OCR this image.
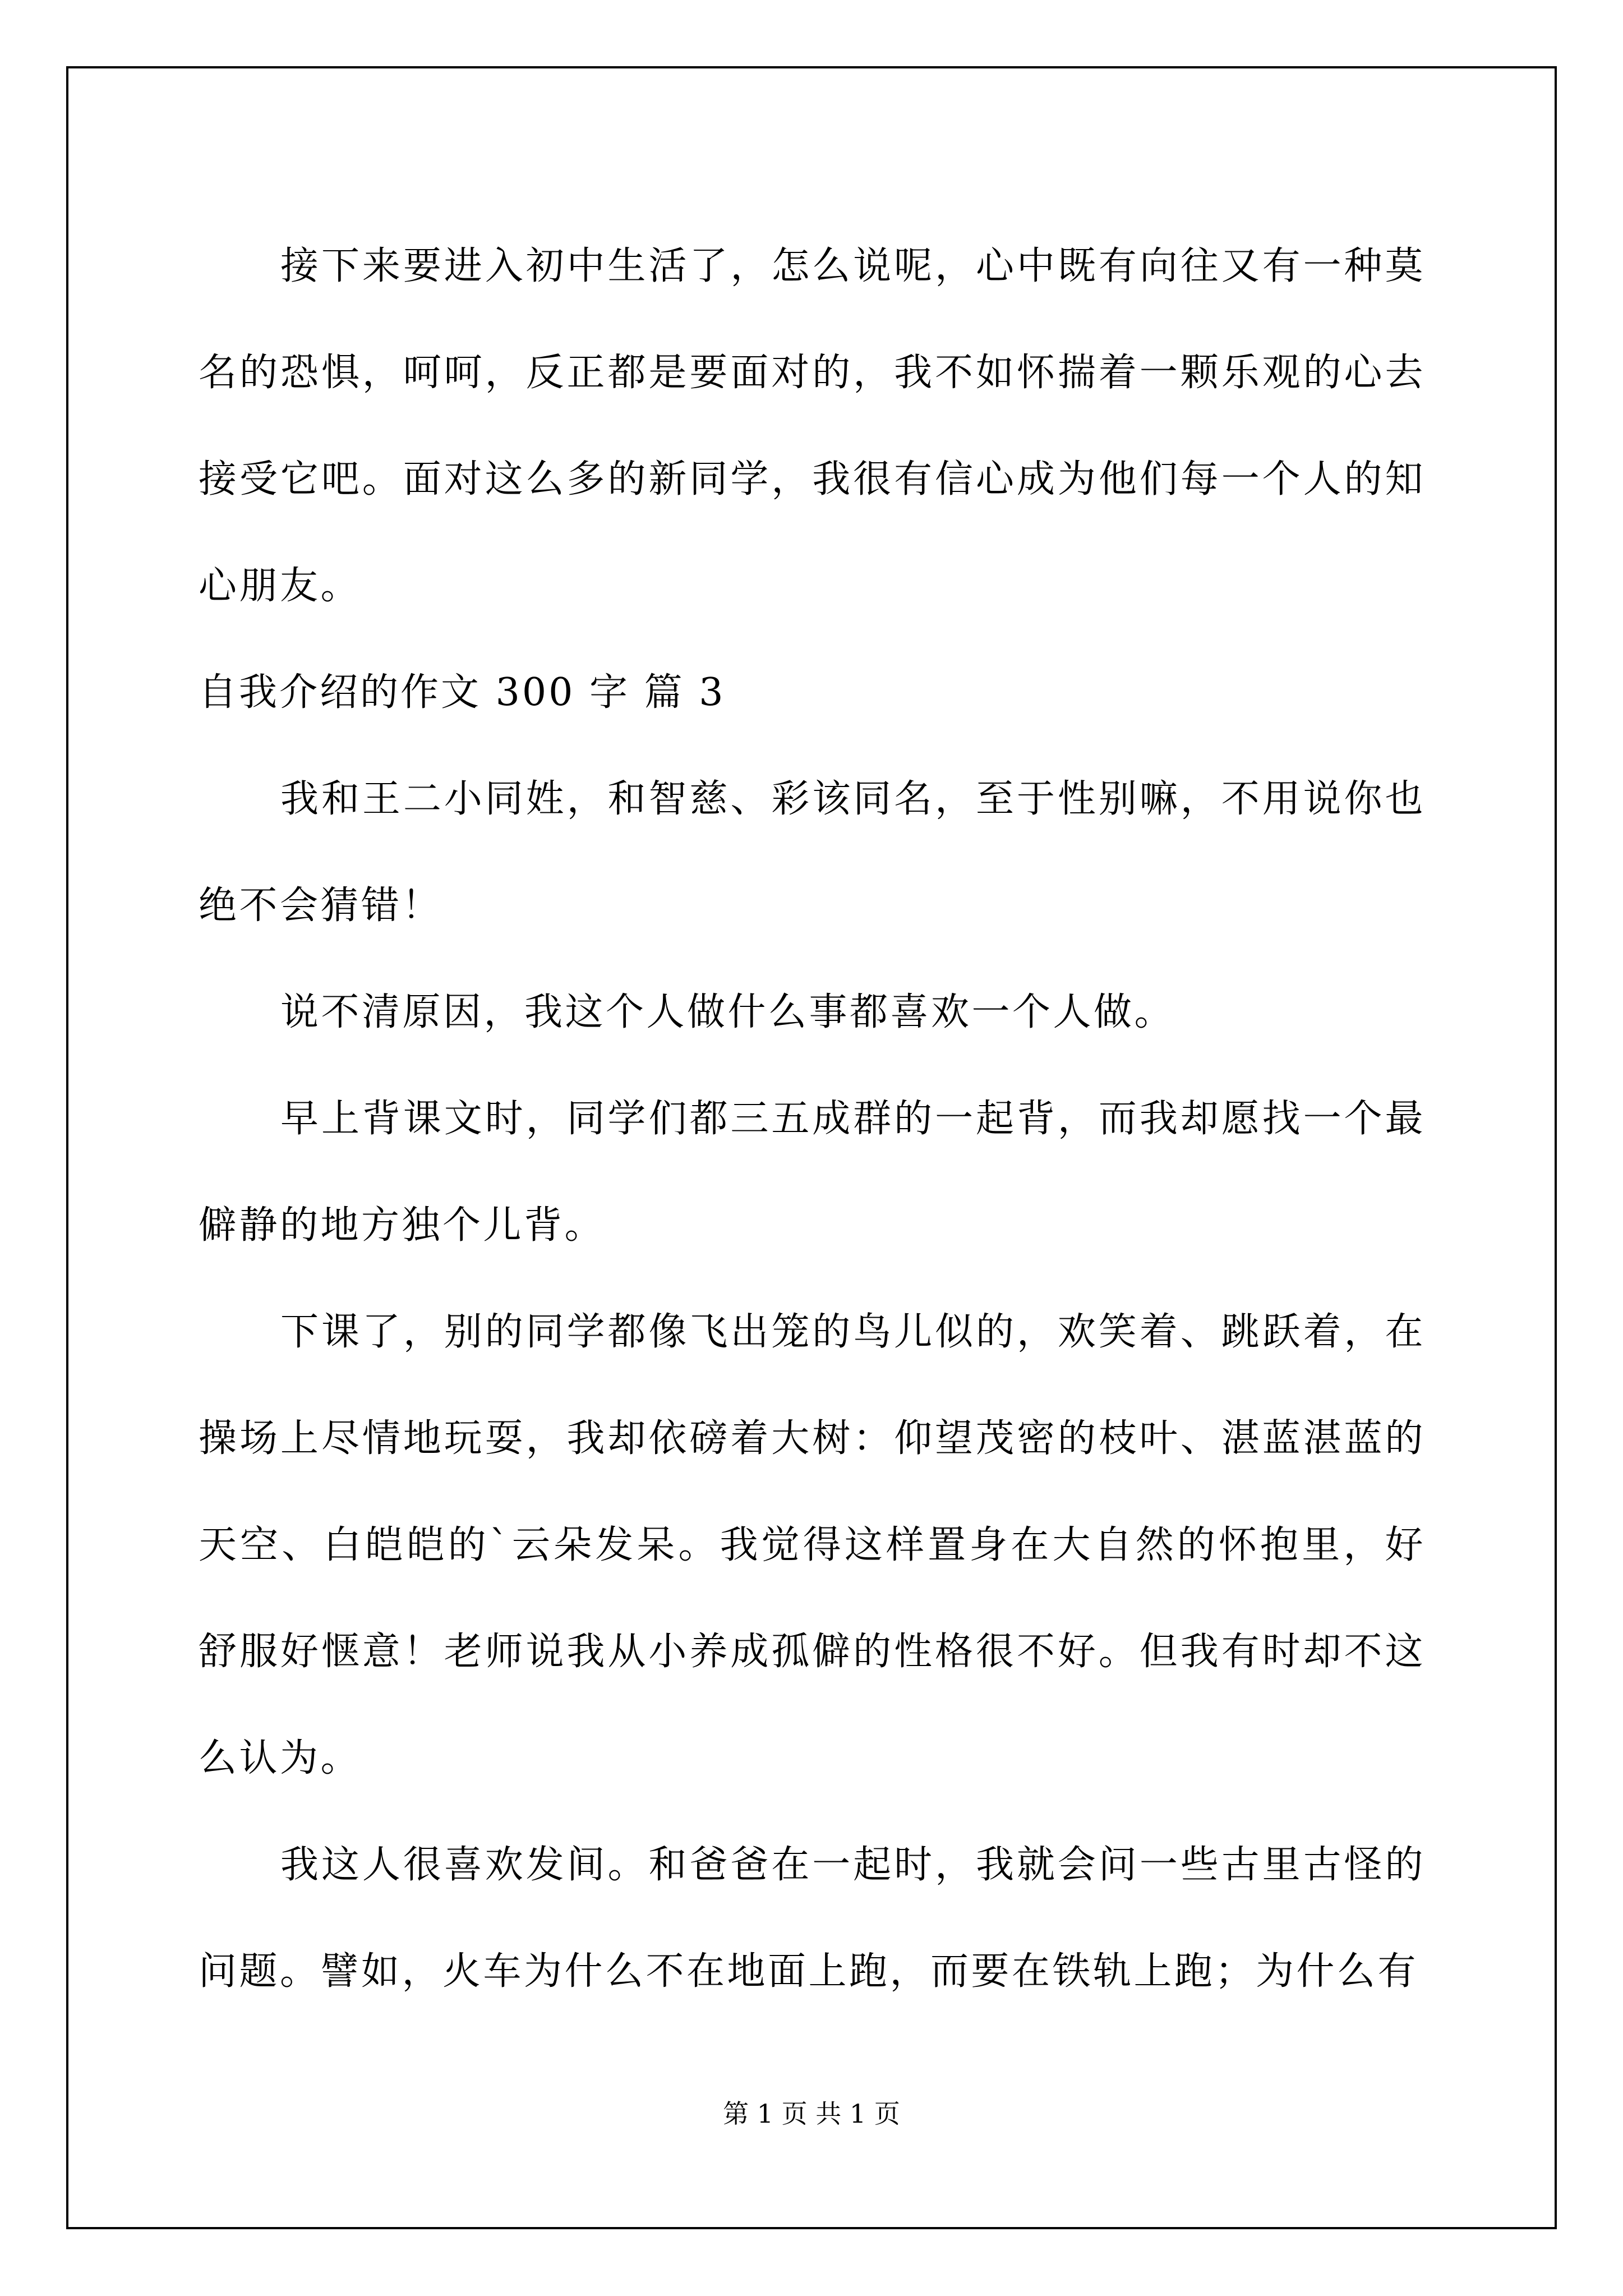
接下来要进入初中生活了，怎么说呢，心中既有向往又有一种莫名的恐惧，呵呵，反正都是要面对的，我不如怀揣着一颗乐观的心去接受它吧。面对这么多的新同学，我很有信心成为他们每一个人的知心朋友。

自我介绍的作文 300 字 篇 3

我和王二小同姓，和智慈、彩该同名，至于性别嘛，不用说你也绝不会猜错！

说不清原因，我这个人做什么事都喜欢一个人做。

早上背课文时，同学们都三五成群的一起背，而我却愿找一个最僻静的地方独个儿背。

下课了，别的同学都像飞出笼的鸟儿似的，欢笑着、跳跃着，在操场上尽情地玩耍，我却依磅着大树：仰望茂密的枝叶、湛蓝湛蓝的天空、白皑皑的`云朵发呆。我觉得这样置身在大自然的怀抱里，好舒服好惬意！老师说我从小养成孤僻的性格很不好。但我有时却不这么认为。

我这人很喜欢发间。和爸爸在一起时，我就会问一些古里古怪的问题。譬如，火车为什么不在地面上跑，而要在铁轨上跑；为什么有

第 1 页 共 1 页
